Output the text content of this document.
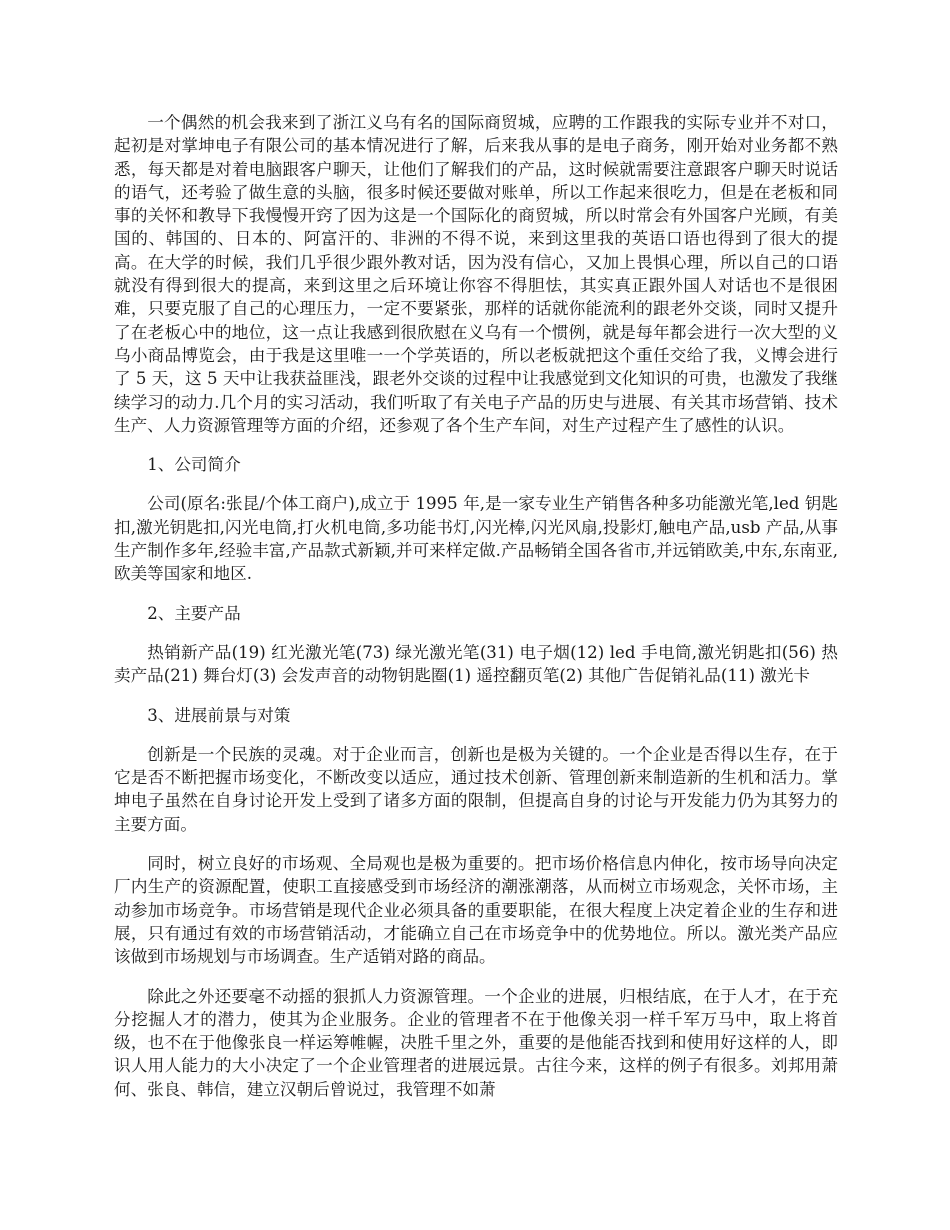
一个偶然的机会我来到了浙江义乌有名的国际商贸城，应聘的工作跟我的实际专业并不对口，起初是对掌坤电子有限公司的基本情况进行了解，后来我从事的是电子商务，刚开始对业务都不熟悉，每天都是对着电脑跟客户聊天，让他们了解我们的产品，这时候就需要注意跟客户聊天时说话的语气，还考验了做生意的头脑，很多时候还要做对账单，所以工作起来很吃力，但是在老板和同事的关怀和教导下我慢慢开窍了因为这是一个国际化的商贸城，所以时常会有外国客户光顾，有美国的、韩国的、日本的、阿富汗的、非洲的不得不说，来到这里我的英语口语也得到了很大的提高。在大学的时候，我们几乎很少跟外教对话，因为没有信心，又加上畏惧心理，所以自己的口语就没有得到很大的提高，来到这里之后环境让你容不得胆怯，其实真正跟外国人对话也不是很困难，只要克服了自己的心理压力，一定不要紧张，那样的话就你能流利的跟老外交谈，同时又提升了在老板心中的地位，这一点让我感到很欣慰在义乌有一个惯例，就是每年都会进行一次大型的义乌小商品博览会，由于我是这里唯一一个学英语的，所以老板就把这个重任交给了我，义博会进行了 5 天，这 5 天中让我获益匪浅，跟老外交谈的过程中让我感觉到文化知识的可贵，也激发了我继续学习的动力.几个月的实习活动，我们听取了有关电子产品的历史与进展、有关其市场营销、技术生产、人力资源管理等方面的介绍，还参观了各个生产车间，对生产过程产生了感性的认识。

1、公司简介

公司(原名:张昆/个体工商户),成立于 1995 年,是一家专业生产销售各种多功能激光笔,led 钥匙扣,激光钥匙扣,闪光电筒,打火机电筒,多功能书灯,闪光棒,闪光风扇,投影灯,触电产品,usb 产品,从事生产制作多年,经验丰富,产品款式新颖,并可来样定做.产品畅销全国各省市,并远销欧美,中东,东南亚,欧美等国家和地区.

2、主要产品

热销新产品(19) 红光激光笔(73) 绿光激光笔(31) 电子烟(12) led 手电筒,激光钥匙扣(56) 热卖产品(21) 舞台灯(3) 会发声音的动物钥匙圈(1) 遥控翻页笔(2) 其他广告促销礼品(11) 激光卡

3、进展前景与对策

创新是一个民族的灵魂。对于企业而言，创新也是极为关键的。一个企业是否得以生存，在于它是否不断把握市场变化，不断改变以适应，通过技术创新、管理创新来制造新的生机和活力。掌坤电子虽然在自身讨论开发上受到了诸多方面的限制，但提高自身的讨论与开发能力仍为其努力的主要方面。

同时，树立良好的市场观、全局观也是极为重要的。把市场价格信息内伸化，按市场导向决定厂内生产的资源配置，使职工直接感受到市场经济的潮涨潮落，从而树立市场观念，关怀市场，主动参加市场竞争。市场营销是现代企业必须具备的重要职能，在很大程度上决定着企业的生存和进展，只有通过有效的市场营销活动，才能确立自己在市场竞争中的优势地位。所以。激光类产品应该做到市场规划与市场调查。生产适销对路的商品。

除此之外还要毫不动摇的狠抓人力资源管理。一个企业的进展，归根结底，在于人才，在于充分挖掘人才的潜力，使其为企业服务。企业的管理者不在于他像关羽一样千军万马中，取上将首级，也不在于他像张良一样运筹帷幄，决胜千里之外，重要的是他能否找到和使用好这样的人，即识人用人能力的大小决定了一个企业管理者的进展远景。古往今来，这样的例子有很多。刘邦用萧何、张良、韩信，建立汉朝后曾说过，我管理不如萧
